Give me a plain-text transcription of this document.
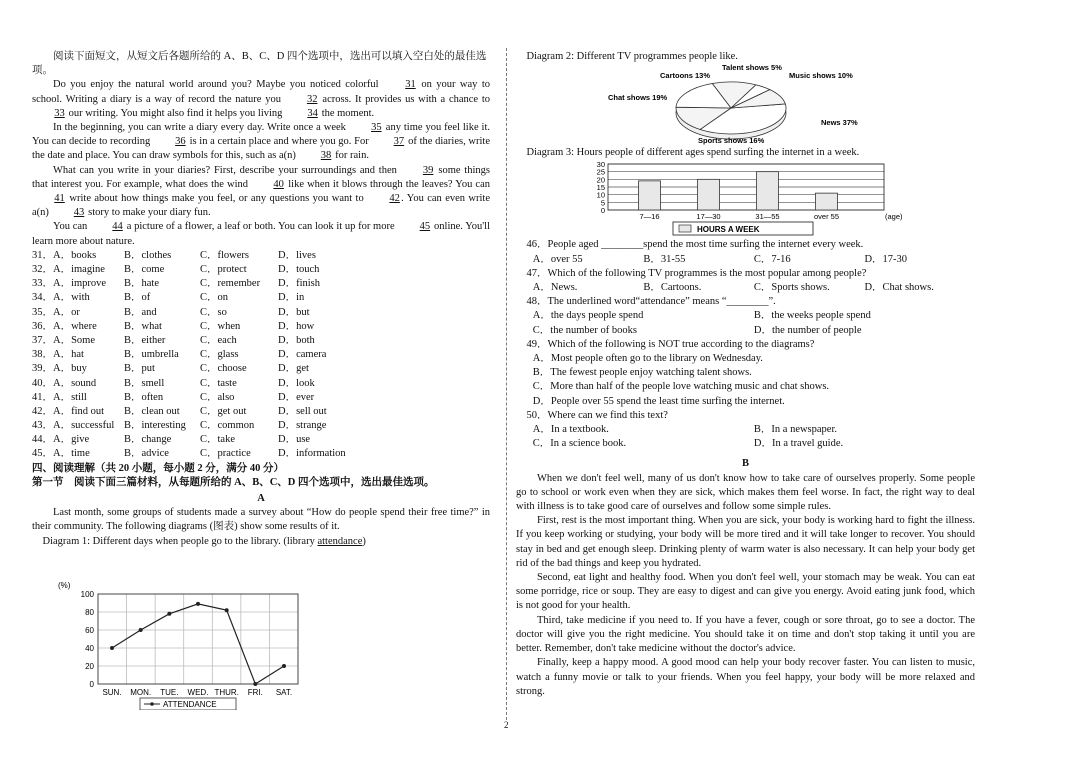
阅读下面短文，从短文后各题所给的 A、B、C、D 四个选项中，选出可以填入空白处的最佳选项。

Do you enjoy the natural world around you? Maybe you noticed colorful 31 on your way to school. Writing a diary is a way of record the nature you 32 across. It provides us with a chance to 33 our writing. You might also find it helps you living 34 the moment.

In the beginning, you can write a diary every day. Write once a week 35 any time you feel like it. You can decide to recording 36 is in a certain place and where you go. For 37 of the diaries, write the date and place. You can draw symbols for this, such as a(n) 38 for rain.

What can you write in your diaries? First, describe your surroundings and then 39 some things that interest you. For example, what does the wind 40 like when it blows through the leaves? You can 41 write about how things make you feel, or any questions you want to 42. You can even write a(n) 43 story to make your diary fun.

You can 44 a picture of a flower, a leaf or both. You can look it up for more 45 online. You'll learn more about nature.

31．A．books	B．clothes	C．flowers	D．lives
32．A．imagine B．come	C．protect	D．touch
33．A．improve B．hate	C．remember D．finish
34．A．with	B．of	C．on	D．in
35．A．or	B．and	C．so	D．but
36．A．where	B．what	C．when	D．how
37．A．Some	B．either	C．each	D．both
38．A．hat	B．umbrella C．glass	D．camera
39．A．buy	B．put	C．choose	D．get
40．A．sound	B．smell	C．taste	D．look
41．A．still	B．often	C．also	D．ever
42．A．find out B．clean out C．get out	D．sell out
43．A．successful B．interesting C．common D．strange
44．A．give	B．change	C．take	D．use
45．A．time	B．advice	C．practice	D．information

四、阅读理解（共 20 小题，每小题 2 分，满分 40 分）

第一节　阅读下面三篇材料，从每题所给的 A、B、C、D 四个选项中，选出最佳选项。

A

Last month, some groups of students made a survey about “How do people spend their free time?” in their community. The following diagrams (图表) show some results of it.

Diagram 1: Different days when people go to the library. (library attendance)

(%)
0
20
40
60
80
100
SUN. MON. TUE. WED. THUR. FRI. SAT.
ATTENDANCE

Diagram 2: Different TV programmes people like.

News 37%
Sports shows 16%
Chat shows 19%
Cartoons 13%
Talent shows 5%
Music shows 10%

Diagram 3: Hours people of different ages spend surfing the internet in a week.

0
5
10
15
20
25
30
7—16	17—30	31—55	over 55	(age)
HOURS A WEEK

46．People aged ________spend the most time surfing the internet every week.

A．over 55	B．31-55	C．7-16	D．17-30

47．Which of the following TV programmes is the most popular among people?

A．News.	B．Cartoons.	C．Sports shows.	D．Chat shows.

48．The underlined word“attendance” means “________”.

A．the days people spend	B．the weeks people spend
C．the number of books	D．the number of people

49．Which of the following is NOT true according to the diagrams?

A．Most people often go to the library on Wednesday.

B．The fewest people enjoy watching talent shows.

C．More than half of the people love watching music and chat shows.

D．People over 55 spend the least time surfing the internet.

50．Where can we find this text?

A．In a textbook.	B．In a newspaper.
C．In a science book.	D．In a travel guide.

B

When we don't feel well, many of us don't know how to take care of ourselves properly. Some people go to school or work even when they are sick, which makes them feel worse. In fact, the right way to deal with illness is to take good care of ourselves and follow some simple rules.

First, rest is the most important thing. When you are sick, your body is working hard to fight the illness. If you keep working or studying, your body will be more tired and it will take longer to recover. You should stay in bed and get enough sleep. Drinking plenty of warm water is also necessary. It can help your body get rid of the bad things and keep you hydrated.

Second, eat light and healthy food. When you don't feel well, your stomach may be weak. You can eat some porridge, rice or soup. They are easy to digest and can give you energy. Avoid eating junk food, which is not good for your health.

Third, take medicine if you need to. If you have a fever, cough or sore throat, go to see a doctor. The doctor will give you the right medicine. You should take it on time and don't stop taking it until you are better. Remember, don't take medicine without the doctor's advice.

Finally, keep a happy mood. A good mood can help your body recover faster. You can listen to music, watch a funny movie or talk to your friends. When you feel happy, your body will be more relaxed and strong.

2
